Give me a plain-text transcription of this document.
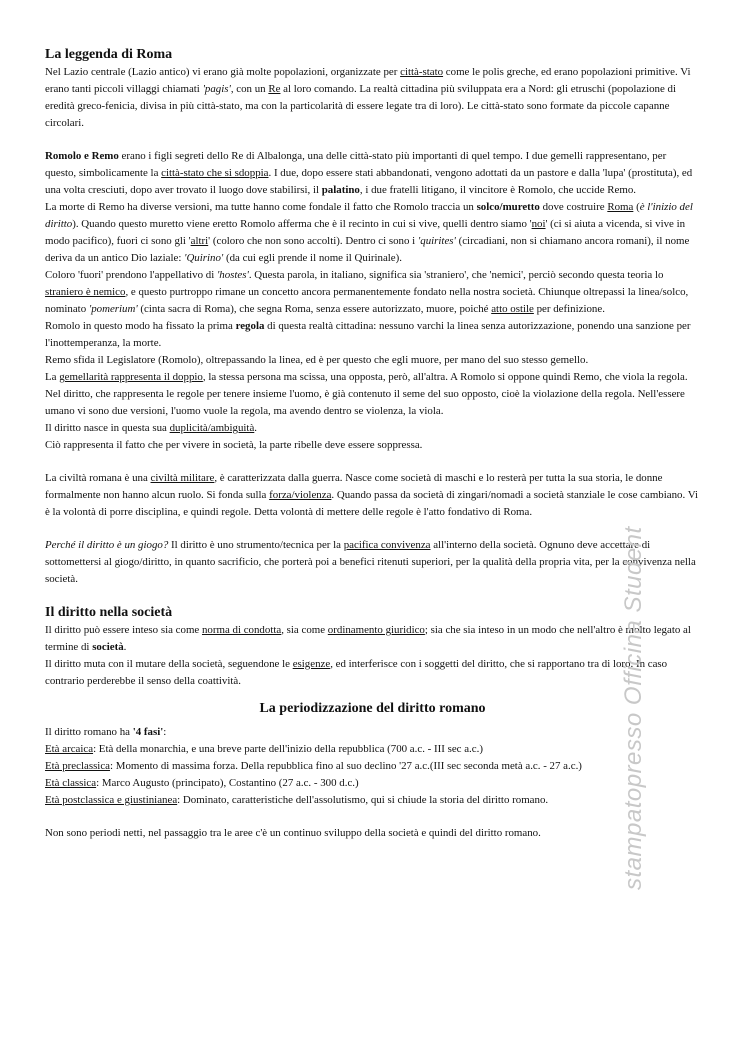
La leggenda di Roma

Nel Lazio centrale (Lazio antico) vi erano già molte popolazioni, organizzate per città-stato come le polis greche, ed erano popolazioni primitive. Vi erano tanti piccoli villaggi chiamati 'pagis', con un Re al loro comando. La realtà cittadina più sviluppata era a Nord: gli etruschi (popolazione di eredità greco-fenicia, divisa in più città-stato, ma con la particolarità di essere legate tra di loro). Le città-stato sono formate da piccole capanne circolari.

Romolo e Remo erano i figli segreti dello Re di Albalonga, una delle città-stato più importanti di quel tempo. I due gemelli rappresentano, per questo, simbolicamente la città-stato che si sdoppia. I due, dopo essere stati abbandonati, vengono adottati da un pastore e dalla 'lupa' (prostituta), ed una volta cresciuti, dopo aver trovato il luogo dove stabilirsi, il palatino, i due fratelli litigano, il vincitore è Romolo, che uccide Remo.

La morte di Remo ha diverse versioni, ma tutte hanno come fondale il fatto che Romolo traccia un solco/muretto dove costruire Roma (è l'inizio del diritto). Quando questo muretto viene eretto Romolo afferma che è il recinto in cui si vive, quelli dentro siamo 'noi' (ci si aiuta a vicenda, si vive in modo pacifico), fuori ci sono gli 'altri' (coloro che non sono accolti). Dentro ci sono i 'quirites' (circadiani, non si chiamano ancora romani), il nome deriva da un antico Dio laziale: 'Quirino' (da cui egli prende il nome il Quirinale).

Coloro 'fuori' prendono l'appellativo di 'hostes'. Questa parola, in italiano, significa sia 'straniero', che 'nemici', perciò secondo questa teoria lo straniero è nemico, e questo purtroppo rimane un concetto ancora permanentemente fondato nella nostra società. Chiunque oltrepassi la linea/solco, nominato 'pomerium' (cinta sacra di Roma), che segna Roma, senza essere autorizzato, muore, poiché atto ostile per definizione.

Romolo in questo modo ha fissato la prima regola di questa realtà cittadina: nessuno varchi la linea senza autorizzazione, ponendo una sanzione per l'inottemperanza, la morte.

Remo sfida il Legislatore (Romolo), oltrepassando la linea, ed è per questo che egli muore, per mano del suo stesso gemello.

La gemellarità rappresenta il doppio, la stessa persona ma scissa, una opposta, però, all'altra. A Romolo si oppone quindi Remo, che viola la regola.

Nel diritto, che rappresenta le regole per tenere insieme l'uomo, è già contenuto il seme del suo opposto, cioè la violazione della regola. Nell'essere umano vi sono due versioni, l'uomo vuole la regola, ma avendo dentro se violenza, la viola.

Il diritto nasce in questa sua duplicità/ambiguità.

Ciò rappresenta il fatto che per vivere in società, la parte ribelle deve essere soppressa.

La civiltà romana è una civiltà militare, è caratterizzata dalla guerra. Nasce come società di maschi e lo resterà per tutta la sua storia, le donne formalmente non hanno alcun ruolo. Si fonda sulla forza/violenza. Quando passa da società di zingari/nomadi a società stanziale le cose cambiano. Vi è la volontà di porre disciplina, e quindi regole. Detta volontà di mettere delle regole è l'atto fondativo di Roma.

Perché il diritto è un giogo? Il diritto è uno strumento/tecnica per la pacifica convivenza all'interno della società. Ognuno deve accettare di sottomettersi al giogo/diritto, in quanto sacrificio, che porterà poi a benefici ritenuti superiori, per la qualità della propria vita, per la convivenza nella società.

Il diritto nella società

Il diritto può essere inteso sia come norma di condotta, sia come ordinamento giuridico; sia che sia inteso in un modo che nell'altro è molto legato al termine di società.

Il diritto muta con il mutare della società, seguendone le esigenze, ed interferisce con i soggetti del diritto, che si rapportano tra di loro. In caso contrario perderebbe il senso della coattività.

La periodizzazione del diritto romano

Il diritto romano ha '4 fasi':

Età arcaica: Età della monarchia, e una breve parte dell'inizio della repubblica (700 a.c. - III sec a.c.)

Età preclassica: Momento di massima forza. Della repubblica fino al suo declino '27 a.c.(III sec seconda metà a.c. - 27 a.c.)

Età classica: Marco Augusto (principato), Costantino (27 a.c. - 300 d.c.)

Età postclassica e giustinianea: Dominato, caratteristiche dell'assolutismo, qui si chiude la storia del diritto romano.

Non sono periodi netti, nel passaggio tra le aree c'è un continuo sviluppo della società e quindi del diritto romano.	stampatopresso Officina Student
